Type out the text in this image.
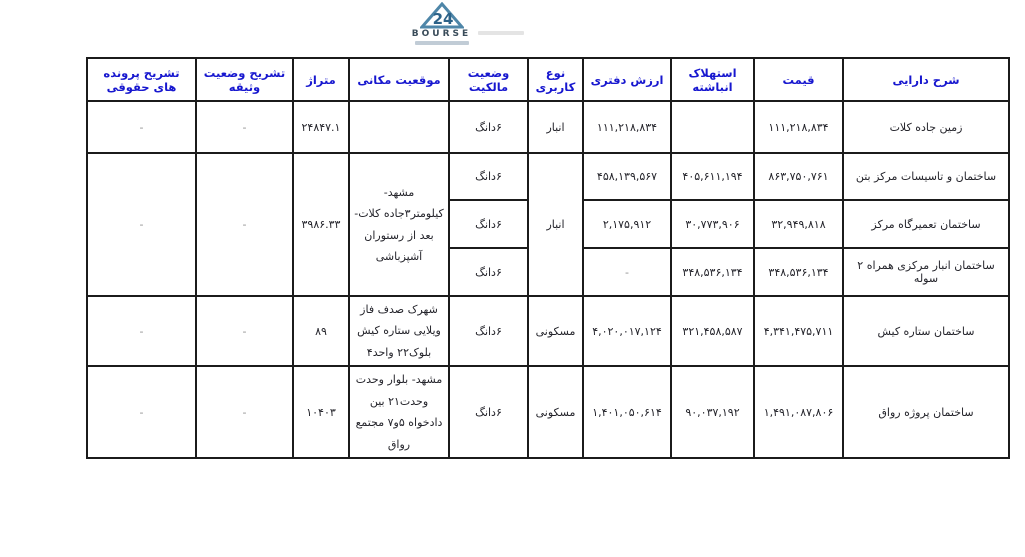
24
BOURSE
شرح دارایی	قیمت	استهلاک انباشته	ارزش دفتری	نوع کاربری	وضعیت مالکیت	موقعیت مکانی	متراژ	تشریح وضعیت وثیقه	تشریح پرونده های حقوقی
زمین جاده کلات	۱۱۱,۲۱۸,۸۳۴		۱۱۱,۲۱۸,۸۳۴	انبار	۶دانگ		۲۴۸۴۷.۱	-	-
ساختمان و تاسیسات مرکز بتن	۸۶۳,۷۵۰,۷۶۱	۴۰۵,۶۱۱,۱۹۴	۴۵۸,۱۳۹,۵۶۷	انبار	۶دانگ	مشهد-کیلومتر۳جاده کلات-بعد از رستوران آشپزباشی	۳۹۸۶.۳۳	-	-
ساختمان تعمیرگاه مرکز	۳۲,۹۴۹,۸۱۸	۳۰,۷۷۳,۹۰۶	۲,۱۷۵,۹۱۲		۶دانگ				
ساختمان انبار مرکزی همراه ۲ سوله	۳۴۸,۵۳۶,۱۳۴	۳۴۸,۵۳۶,۱۳۴	-		۶دانگ				
ساختمان ستاره کیش	۴,۳۴۱,۴۷۵,۷۱۱	۳۲۱,۴۵۸,۵۸۷	۴,۰۲۰,۰۱۷,۱۲۴	مسکونی	۶دانگ	شهرک صدف فاز ویلایی ستاره کیش بلوک۲۲ واحد۴	۸۹	-	-
ساختمان پروژه رواق	۱,۴۹۱,۰۸۷,۸۰۶	۹۰,۰۳۷,۱۹۲	۱,۴۰۱,۰۵۰,۶۱۴	مسکونی	۶دانگ	مشهد- بلوار وحدت وحدت۲۱ بین دادخواه ۵و۷ مجتمع رواق	۱۰۴۰۳	-	-
